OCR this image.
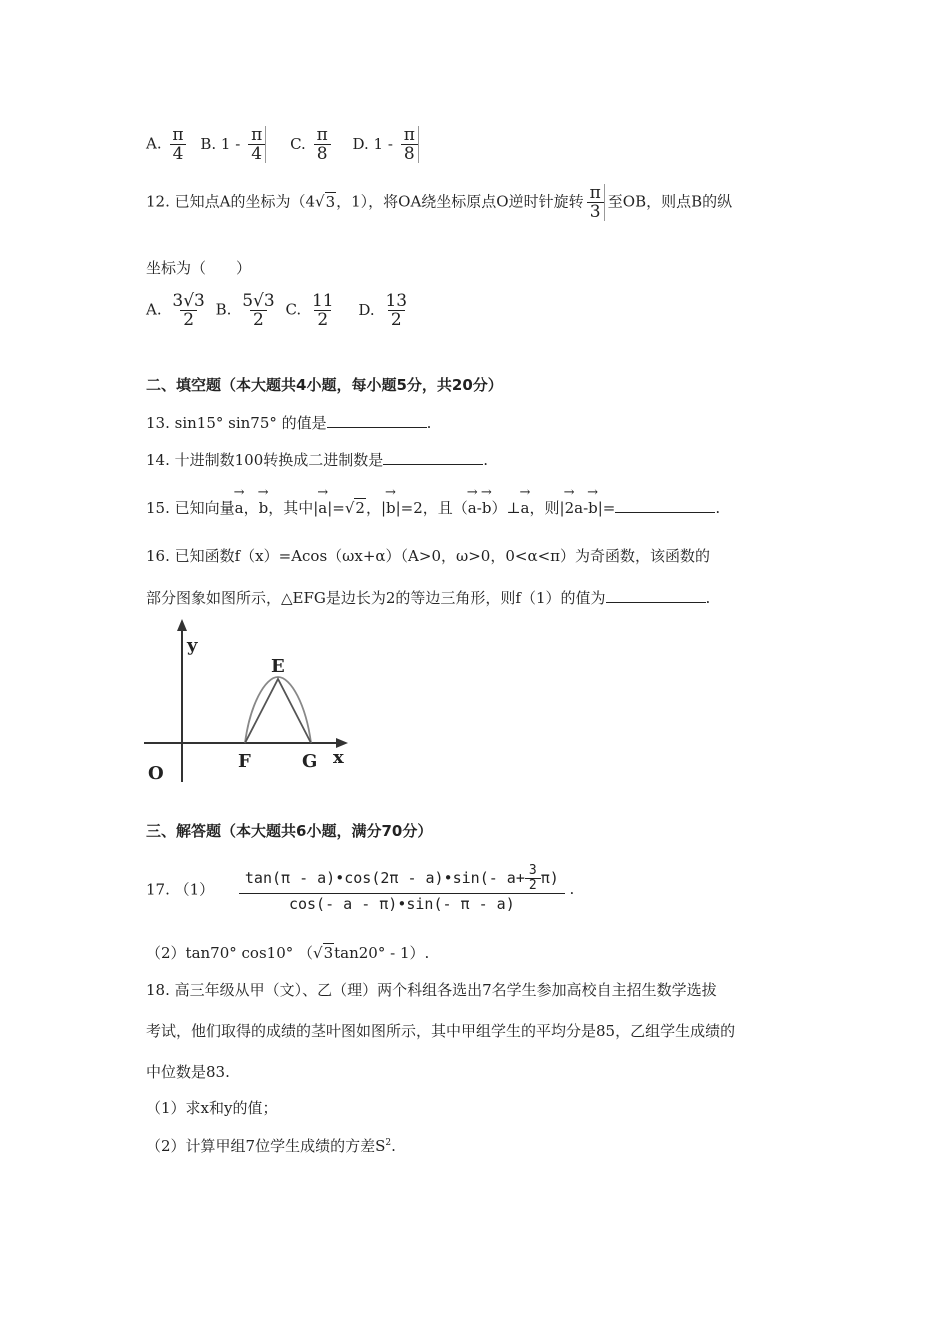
A. $\frac{\pi}{4} B$. $1 - \frac{\pi}{4} C$. $\frac{\pi}{8} D$. $1 - \frac{\pi}{8}$
12. 已知点A的坐标为（4√3，1），将OA绕坐标原点O逆时针旋转 $\frac{\pi}{3}$ 至OB，则点B的纵
坐标为（　　）
A. $\frac{3√3}{2} B$. $\frac{5√3}{2} C$. $\frac{11}{2} D$. $\frac{13}{2}$
二、填空题（本大题共4小题，每小题5分，共20分）
13. sin15° sin75° 的值是	.
14. 十进制数100转换成二进制数是	.
15. 已知向量→ a，→ b，其中|→ a|=√2，|→ b|=2，且（→ a-→ b）⊥→ a，则|→ 2a-→ b|=	.
16. 已知函数f（x）=Acos（ωx+α）（A>0，ω>0，0<α<π）为奇函数，该函数的
部分图象如图所示，△EFG是边长为2的等边三角形，则f（1）的值为	.
y
E
F	G x
O
三、解答题（本大题共6小题，满分70分）
17. $(1) \frac{\tan(\pi - a)•\cos(2\pi - a)•\sin(- a+ \frac{3}{2} \pi)}{\cos(- a - \pi)•\sin(- \pi - a)}$ .
（2）tan70° cos10° （√3tan20° - 1）.
18. 高三年级从甲（文）、乙（理）两个科组各选出7名学生参加高校自主招生数学选拔
考试，他们取得的成绩的茎叶图如图所示，其中甲组学生的平均分是85，乙组学生成绩的
中位数是83.
（1）求x和y的值；
（2）计算甲组7位学生成绩的方差$S^2$.
